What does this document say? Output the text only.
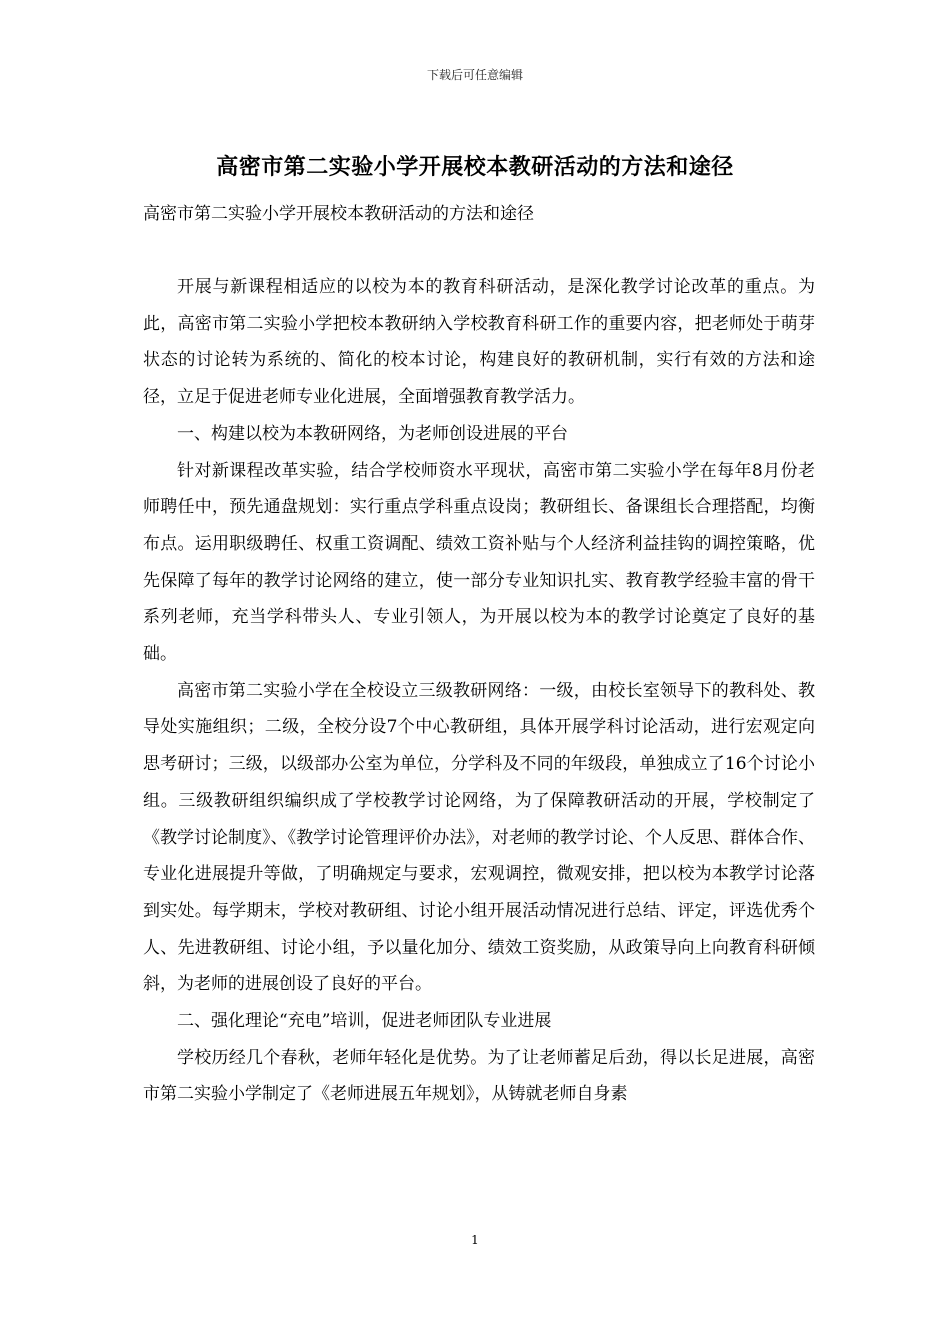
下载后可任意编辑
高密市第二实验小学开展校本教研活动的方法和途径
高密市第二实验小学开展校本教研活动的方法和途径

开展与新课程相适应的以校为本的教育科研活动，是深化教学讨论改革的重点。为此，高密市第二实验小学把校本教研纳入学校教育科研工作的重要内容，把老师处于萌芽状态的讨论转为系统的、简化的校本讨论，构建良好的教研机制，实行有效的方法和途径，立足于促进老师专业化进展，全面增强教育教学活力。

一、构建以校为本教研网络，为老师创设进展的平台

针对新课程改革实验，结合学校师资水平现状，高密市第二实验小学在每年8月份老师聘任中，预先通盘规划：实行重点学科重点设岗；教研组长、备课组长合理搭配，均衡布点。运用职级聘任、权重工资调配、绩效工资补贴与个人经济利益挂钩的调控策略，优先保障了每年的教学讨论网络的建立，使一部分专业知识扎实、教育教学经验丰富的骨干系列老师，充当学科带头人、专业引领人，为开展以校为本的教学讨论奠定了良好的基础。

高密市第二实验小学在全校设立三级教研网络：一级，由校长室领导下的教科处、教导处实施组织；二级，全校分设7个中心教研组，具体开展学科讨论活动，进行宏观定向思考研讨；三级，以级部办公室为单位，分学科及不同的年级段，单独成立了16个讨论小组。三级教研组织编织成了学校教学讨论网络，为了保障教研活动的开展，学校制定了《教学讨论制度》、《教学讨论管理评价办法》，对老师的教学讨论、个人反思、群体合作、专业化进展提升等做，了明确规定与要求，宏观调控，微观安排，把以校为本教学讨论落到实处。每学期末，学校对教研组、讨论小组开展活动情况进行总结、评定，评选优秀个人、先进教研组、讨论小组，予以量化加分、绩效工资奖励，从政策导向上向教育科研倾斜，为老师的进展创设了良好的平台。

二、强化理论“充电”培训，促进老师团队专业进展

学校历经几个春秋，老师年轻化是优势。为了让老师蓄足后劲，得以长足进展，高密市第二实验小学制定了《老师进展五年规划》，从铸就老师自身素

1
